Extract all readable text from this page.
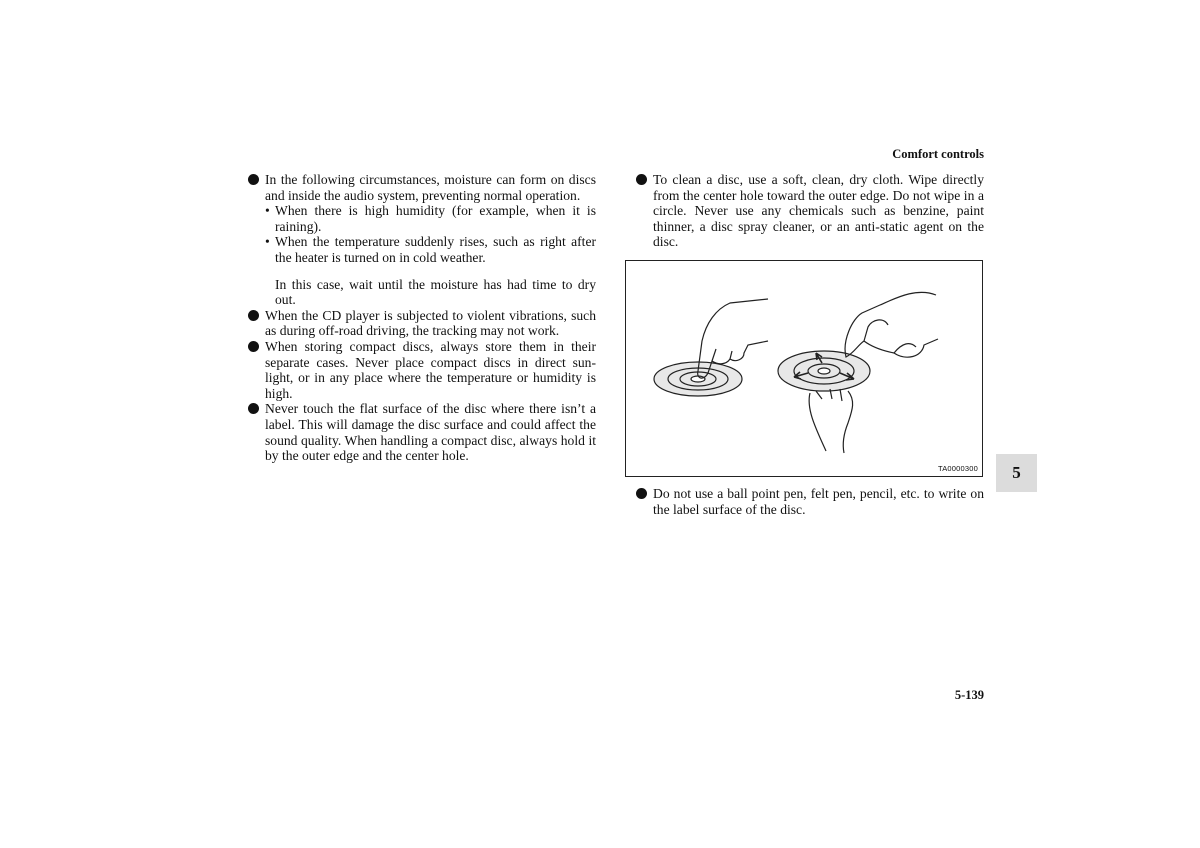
Comfort controls
In the following circumstances, moisture can form on discs and inside the audio system, preventing normal operation.
• When there is high humidity (for example, when it is raining).
• When the temperature suddenly rises, such as right after the heater is turned on in cold weather.
In this case, wait until the moisture has had time to dry out.
When the CD player is subjected to violent vibrations, such as during off-road driving, the tracking may not work.
When storing compact discs, always store them in their separate cases. Never place compact discs in direct sun-light, or in any place where the temperature or humidity is high.
Never touch the flat surface of the disc where there isn’t a label. This will damage the disc surface and could affect the sound quality. When handling a compact disc, always hold it by the outer edge and the center hole.
To clean a disc, use a soft, clean, dry cloth. Wipe directly from the center hole toward the outer edge. Do not wipe in a circle. Never use any chemicals such as benzine, paint thinner, a disc spray cleaner, or an anti-static agent on the disc.
TA0000300
Do not use a ball point pen, felt pen, pencil, etc. to write on the label surface of the disc.
5
5-139
